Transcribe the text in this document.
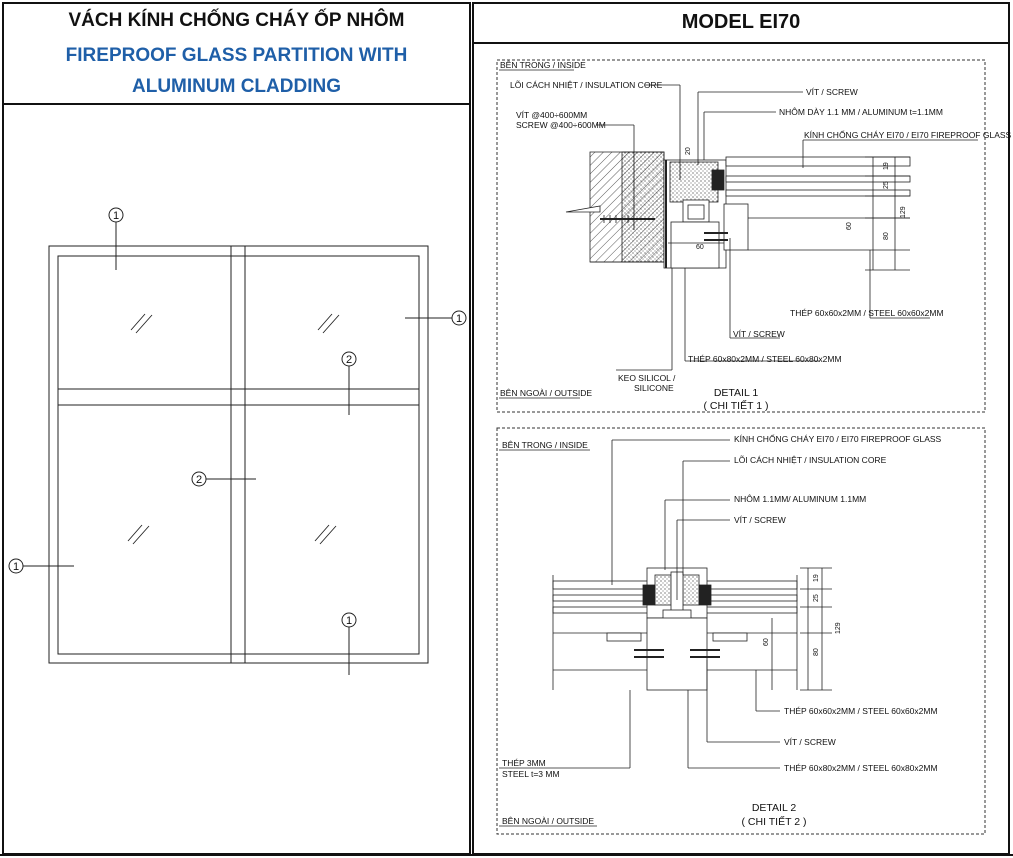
VÁCH KÍNH CHỐNG CHÁY ỐP NHÔM
FIREPROOF GLASS PARTITION WITH
ALUMINUM CLADDING
MODEL EI70
1
1
2
2
1
1
BÊN TRONG / INSIDE
BÊN NGOÀI / OUTSIDE
LÕI CÁCH NHIỆT / INSULATION CORE
VÍT @400÷600MM
SCREW @400÷600MM
VÍT / SCREW
NHÔM DÀY 1.1 MM / ALUMINUM t=1.1MM
KÍNH CHỐNG CHÁY EI70 / EI70 FIREPROOF GLASS
THÉP 60x60x2MM / STEEL 60x60x2MM
VÍT / SCREW
THÉP 60x80x2MM / STEEL 60x80x2MM
KEO SILICOL /
SILICONE	DETAIL 1
( CHI TIẾT 1 )
20
19
25
129
80
60
60
BÊN TRONG / INSIDE
BÊN NGOÀI / OUTSIDE
KÍNH CHỐNG CHÁY EI70 / EI70 FIREPROOF GLASS
LÕI CÁCH NHIỆT / INSULATION CORE
NHÔM 1.1MM/ ALUMINUM 1.1MM
VÍT / SCREW
THÉP 60x60x2MM / STEEL 60x60x2MM
VÍT / SCREW
THÉP 60x80x2MM / STEEL 60x80x2MM
THÉP 3MM
STEEL t=3 MM
DETAIL 2
( CHI TIẾT 2 )
19
25
129
80
60
